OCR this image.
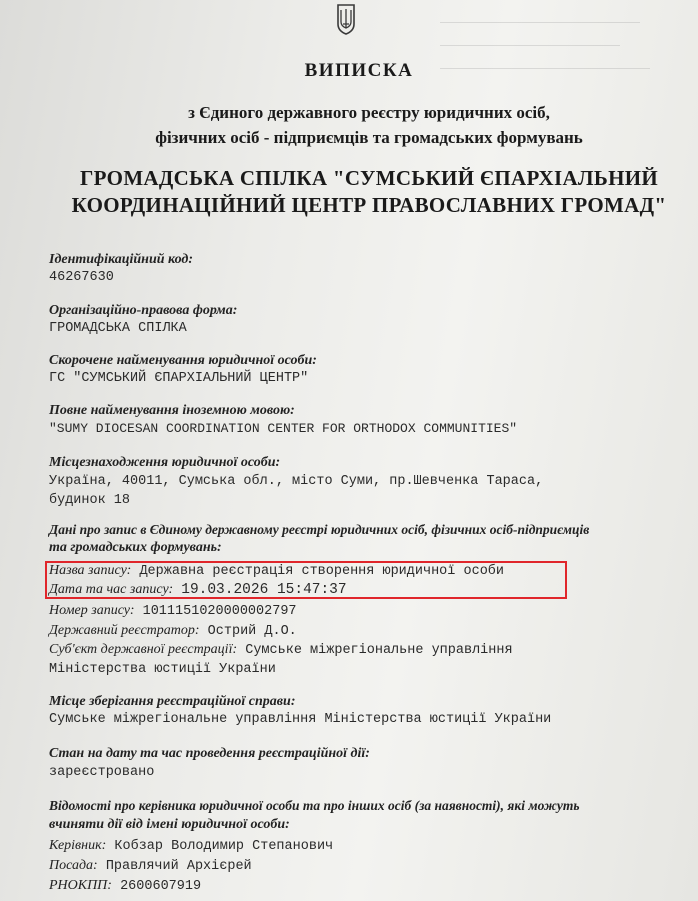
ВИПИСКА
з Єдиного державного реєстру юридичних осіб,
фізичних осіб - підприємців та громадських формувань
ГРОМАДСЬКА СПІЛКА "СУМСЬКИЙ ЄПАРХІАЛЬНИЙ
КООРДИНАЦІЙНИЙ ЦЕНТР ПРАВОСЛАВНИХ ГРОМАД"
Ідентифікаційний код:
46267630
Організаційно-правова форма:
ГРОМАДСЬКА СПІЛКА
Скорочене найменування юридичної особи:
ГС "СУМСЬКИЙ ЄПАРХІАЛЬНИЙ ЦЕНТР"
Повне найменування іноземною мовою:
"SUMY DIOCESAN COORDINATION CENTER FOR ORTHODOX COMMUNITIES"
Місцезнаходження юридичної особи:
Україна, 40011, Сумська обл., місто Суми, пр.Шевченка Тараса,
будинок 18
Дані про запис в Єдиному державному реєстрі юридичних осіб, фізичних осіб-підприємців
та громадських формувань:
Назва запису: Державна реєстрація створення юридичної особи
Дата та час запису: 19.03.2026 15:47:37
Номер запису: 1011151020000002797
Державний реєстратор: Острий Д.О.
Суб'єкт державної реєстрації: Сумське міжрегіональне управління
Міністерства юстиції України
Місце зберігання реєстраційної справи:
Сумське міжрегіональне управління Міністерства юстиції України
Стан на дату та час проведення реєстраційної дії:
зареєстровано
Відомості про керівника юридичної особи та про інших осіб (за наявності), які можуть
вчиняти дії від імені юридичної особи:
Керівник: Кобзар Володимир Степанович
Посада: Правлячий Архієрей
РНОКПП: 2600607919
